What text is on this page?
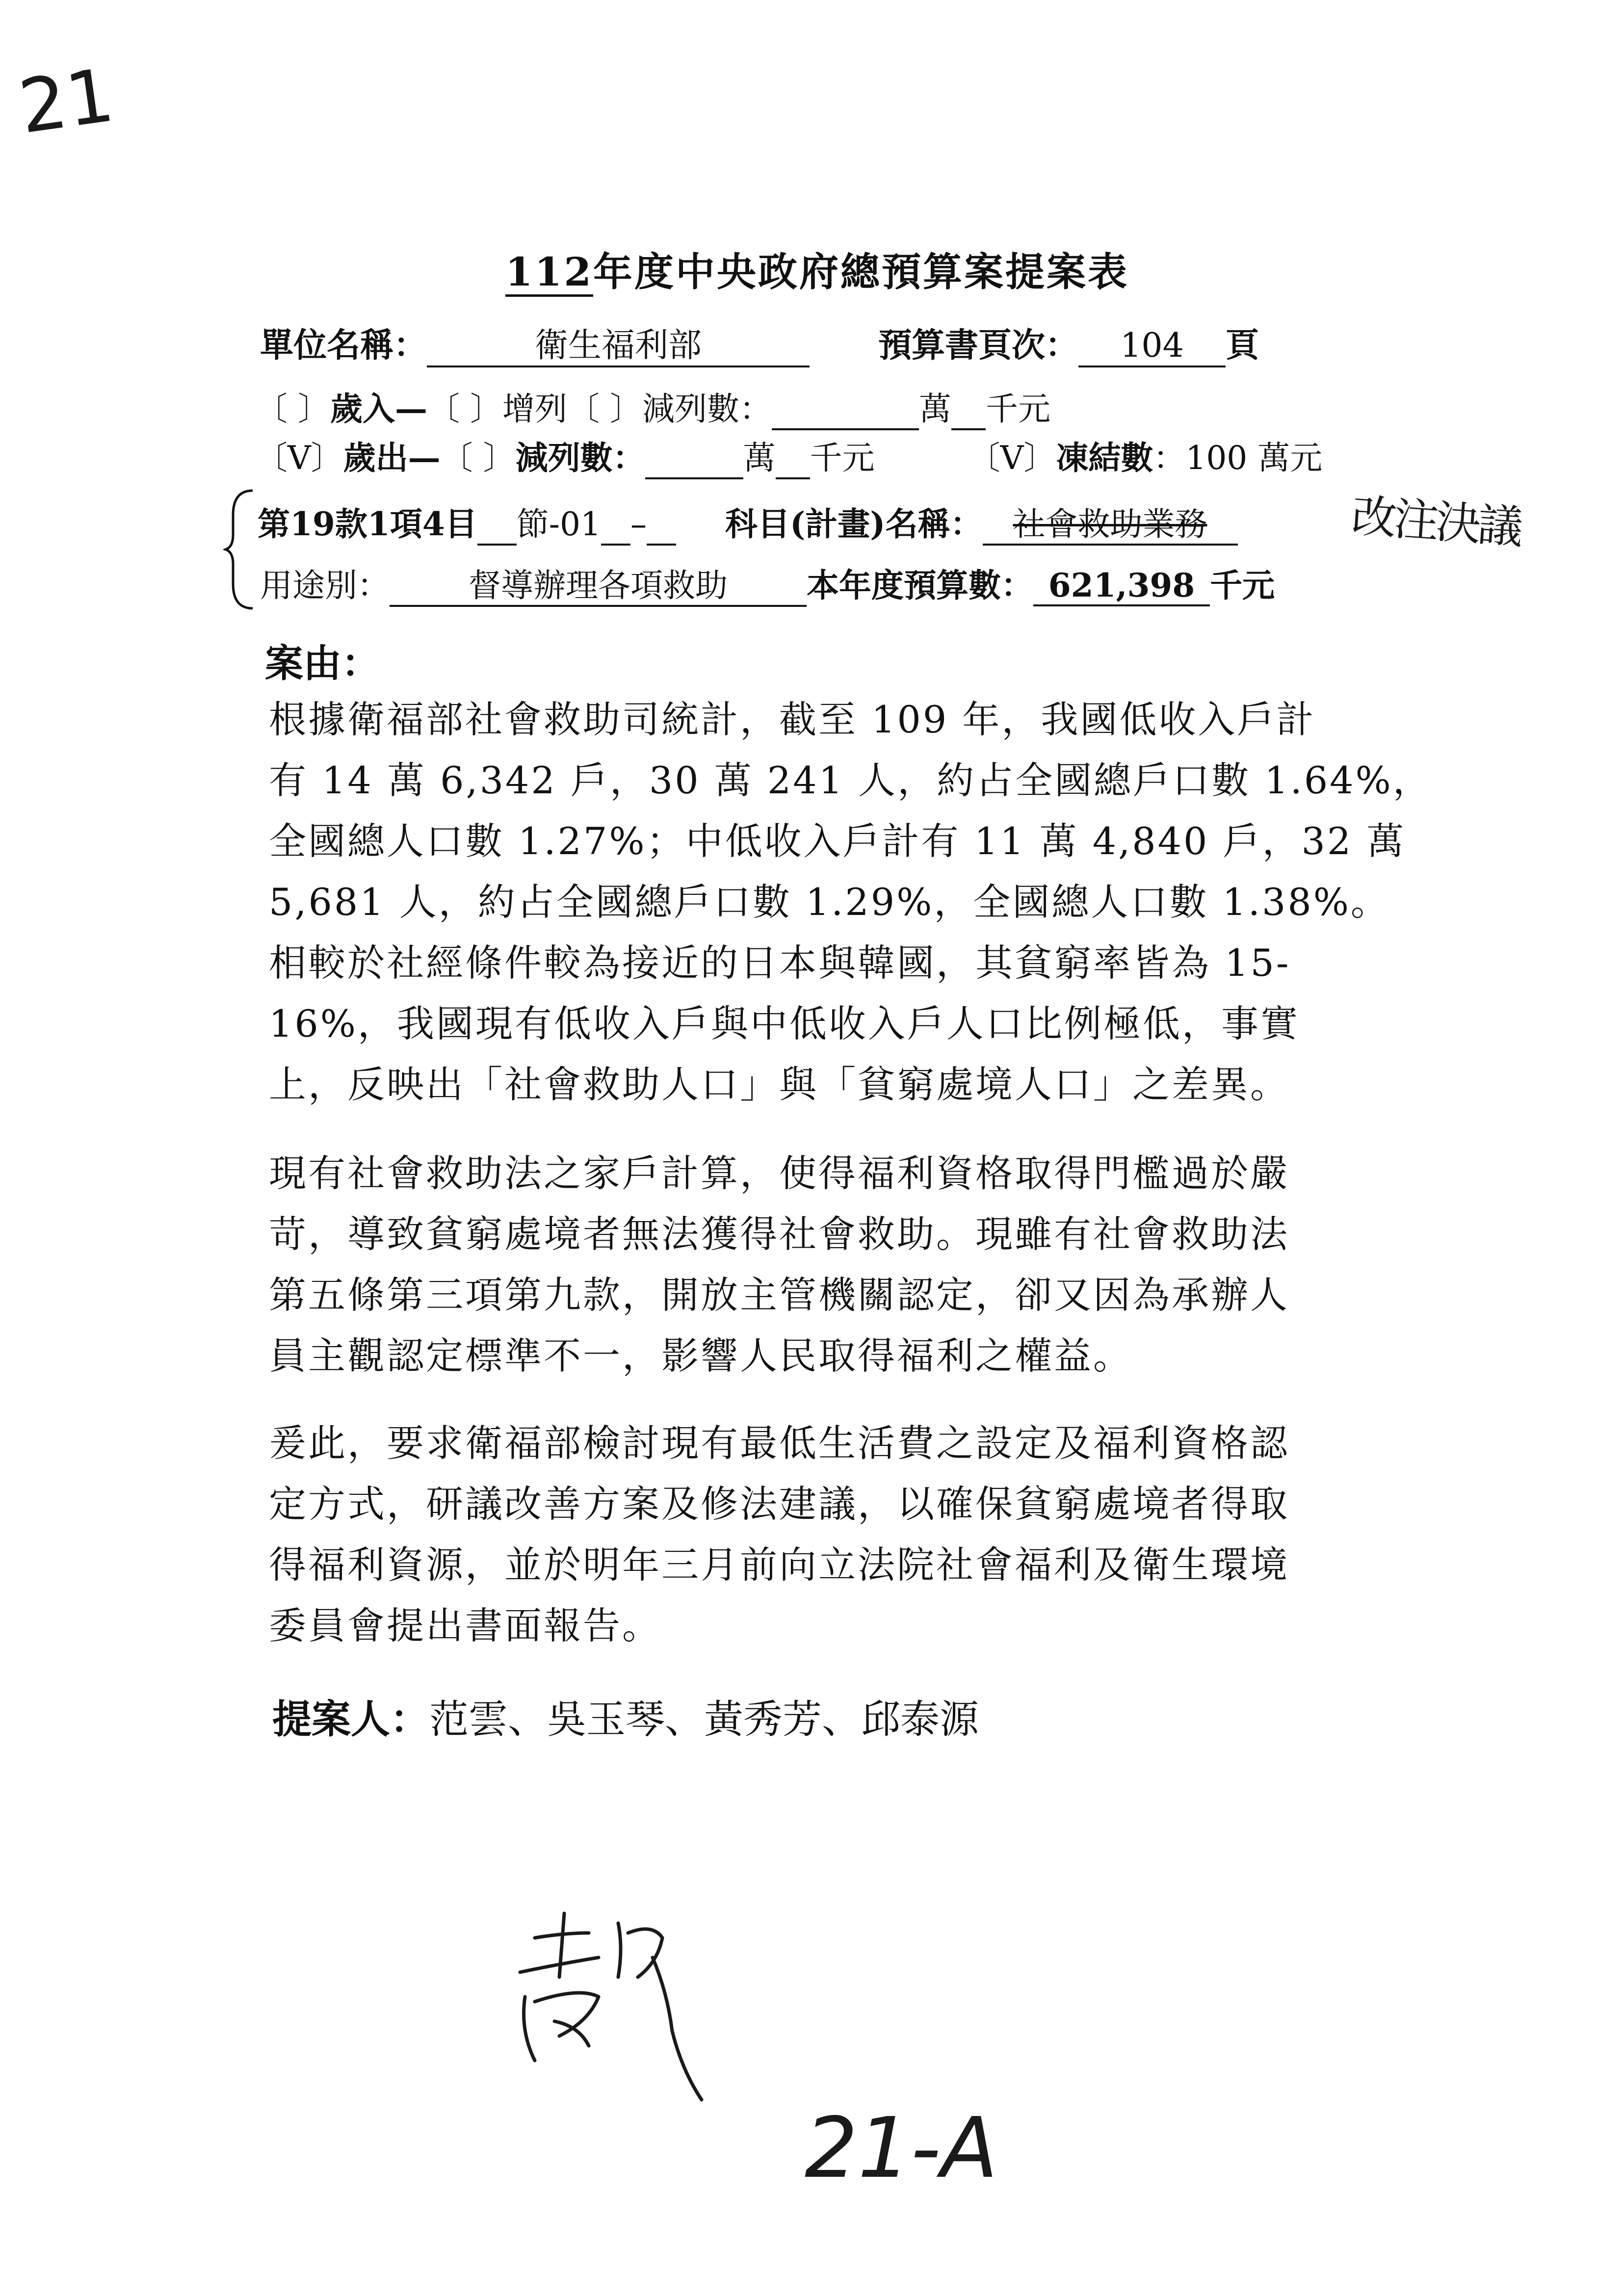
21
112年度中央政府總預算案提案表
單位名稱：	衛生福利部	預算書頁次： 104 頁
〔 〕歲入—〔 〕增列〔 〕減列數：	萬 千元
〔V〕歲出—〔 〕減列數：	萬 千元	〔V〕凍結數：100 萬元
第19款1項4目 節-01 – 科目(計畫)名稱： 社會救助業務	改注決議
用途別： 督導辦理各項救助 本年度預算數： 621,398 千元
案由：
根據衛福部社會救助司統計，截至 109 年，我國低收入戶計
有 14 萬 6,342 戶，30 萬 241 人，約占全國總戶口數 1.64%，
全國總人口數 1.27%；中低收入戶計有 11 萬 4,840 戶，32 萬
5,681 人，約占全國總戶口數 1.29%，全國總人口數 1.38%。
相較於社經條件較為接近的日本與韓國，其貧窮率皆為 15-
16%，我國現有低收入戶與中低收入戶人口比例極低，事實
上，反映出「社會救助人口」與「貧窮處境人口」之差異。
現有社會救助法之家戶計算，使得福利資格取得門檻過於嚴
苛，導致貧窮處境者無法獲得社會救助。現雖有社會救助法
第五條第三項第九款，開放主管機關認定，卻又因為承辦人
員主觀認定標準不一，影響人民取得福利之權益。
爰此，要求衛福部檢討現有最低生活費之設定及福利資格認
定方式，研議改善方案及修法建議，以確保貧窮處境者得取
得福利資源，並於明年三月前向立法院社會福利及衛生環境
委員會提出書面報告。
提案人：范雲、吳玉琴、黃秀芳、邱泰源
21-A
